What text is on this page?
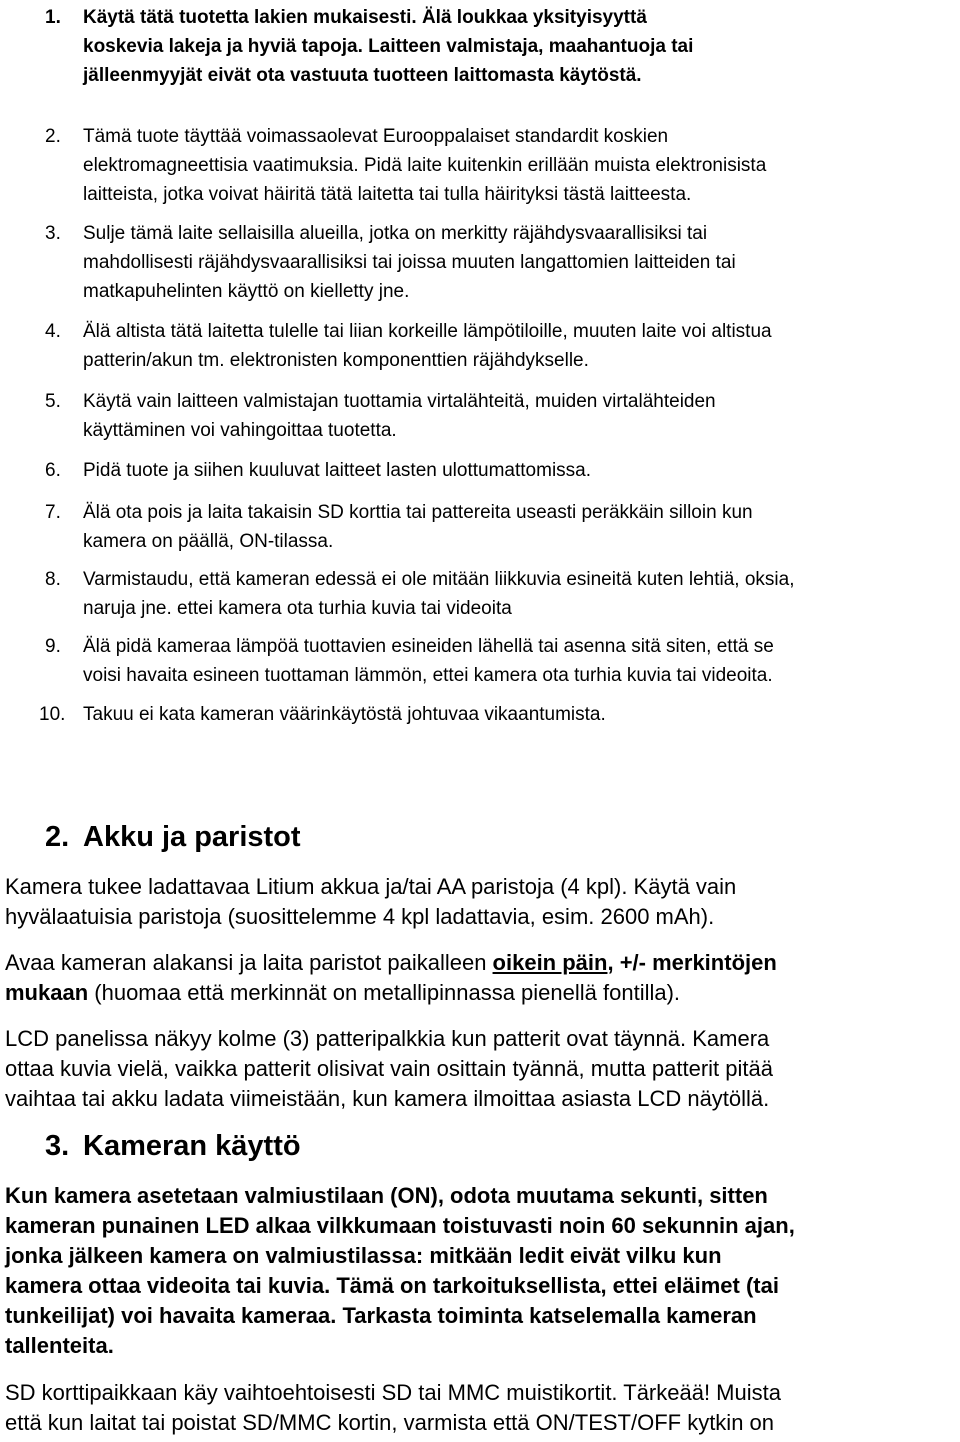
1. Käytä tätä tuotetta lakien mukaisesti. Älä loukkaa yksityisyyttä
koskevia lakeja ja hyviä tapoja. Laitteen valmistaja, maahantuoja tai
jälleenmyyjät eivät ota vastuuta tuotteen laittomasta käytöstä.
2. Tämä tuote täyttää voimassaolevat Eurooppalaiset standardit koskien
elektromagneettisia vaatimuksia. Pidä laite kuitenkin erillään muista elektronisista
laitteista, jotka voivat häiritä tätä laitetta tai tulla häirityksi tästä laitteesta.
3. Sulje tämä laite sellaisilla alueilla, jotka on merkitty räjähdysvaarallisiksi tai
mahdollisesti räjähdysvaarallisiksi tai joissa muuten langattomien laitteiden tai
matkapuhelinten käyttö on kielletty jne.
4. Älä altista tätä laitetta tulelle tai liian korkeille lämpötiloille, muuten laite voi altistua
patterin/akun tm. elektronisten komponenttien räjähdykselle.
5. Käytä vain laitteen valmistajan tuottamia virtalähteitä, muiden virtalähteiden
käyttäminen voi vahingoittaa tuotetta.
6. Pidä tuote ja siihen kuuluvat laitteet lasten ulottumattomissa.
7. Älä ota pois ja laita takaisin SD korttia tai pattereita useasti peräkkäin silloin kun
kamera on päällä, ON-tilassa.
8. Varmistaudu, että kameran edessä ei ole mitään liikkuvia esineitä kuten lehtiä, oksia,
naruja jne. ettei kamera ota turhia kuvia tai videoita
9. Älä pidä kameraa lämpöä tuottavien esineiden lähellä tai asenna sitä siten, että se
voisi havaita esineen tuottaman lämmön, ettei kamera ota turhia kuvia tai videoita.
10. Takuu ei kata kameran väärinkäytöstä johtuvaa vikaantumista.
2. Akku ja paristot
Kamera tukee ladattavaa Litium akkua ja/tai AA paristoja (4 kpl). Käytä vain
hyvälaatuisia paristoja (suosittelemme 4 kpl ladattavia, esim. 2600 mAh).
Avaa kameran alakansi ja laita paristot paikalleen oikein päin, +/- merkintöjen
mukaan (huomaa että merkinnät on metallipinnassa pienellä fontilla).
LCD panelissa näkyy kolme (3) patteripalkkia kun patterit ovat täynnä. Kamera
ottaa kuvia vielä, vaikka patterit olisivat vain osittain tyännä, mutta patterit pitää
vaihtaa tai akku ladata viimeistään, kun kamera ilmoittaa asiasta LCD näytöllä.
3. Kameran käyttö
Kun kamera asetetaan valmiustilaan (ON), odota muutama sekunti, sitten
kameran punainen LED alkaa vilkkumaan toistuvasti noin 60 sekunnin ajan,
jonka jälkeen kamera on valmiustilassa: mitkään ledit eivät vilku kun
kamera ottaa videoita tai kuvia. Tämä on tarkoituksellista, ettei eläimet (tai
tunkeilijat) voi havaita kameraa. Tarkasta toiminta katselemalla kameran
tallenteita.
SD korttipaikkaan käy vaihtoehtoisesti SD tai MMC muistikortit. Tärkeää! Muista
että kun laitat tai poistat SD/MMC kortin, varmista että ON/TEST/OFF kytkin on
